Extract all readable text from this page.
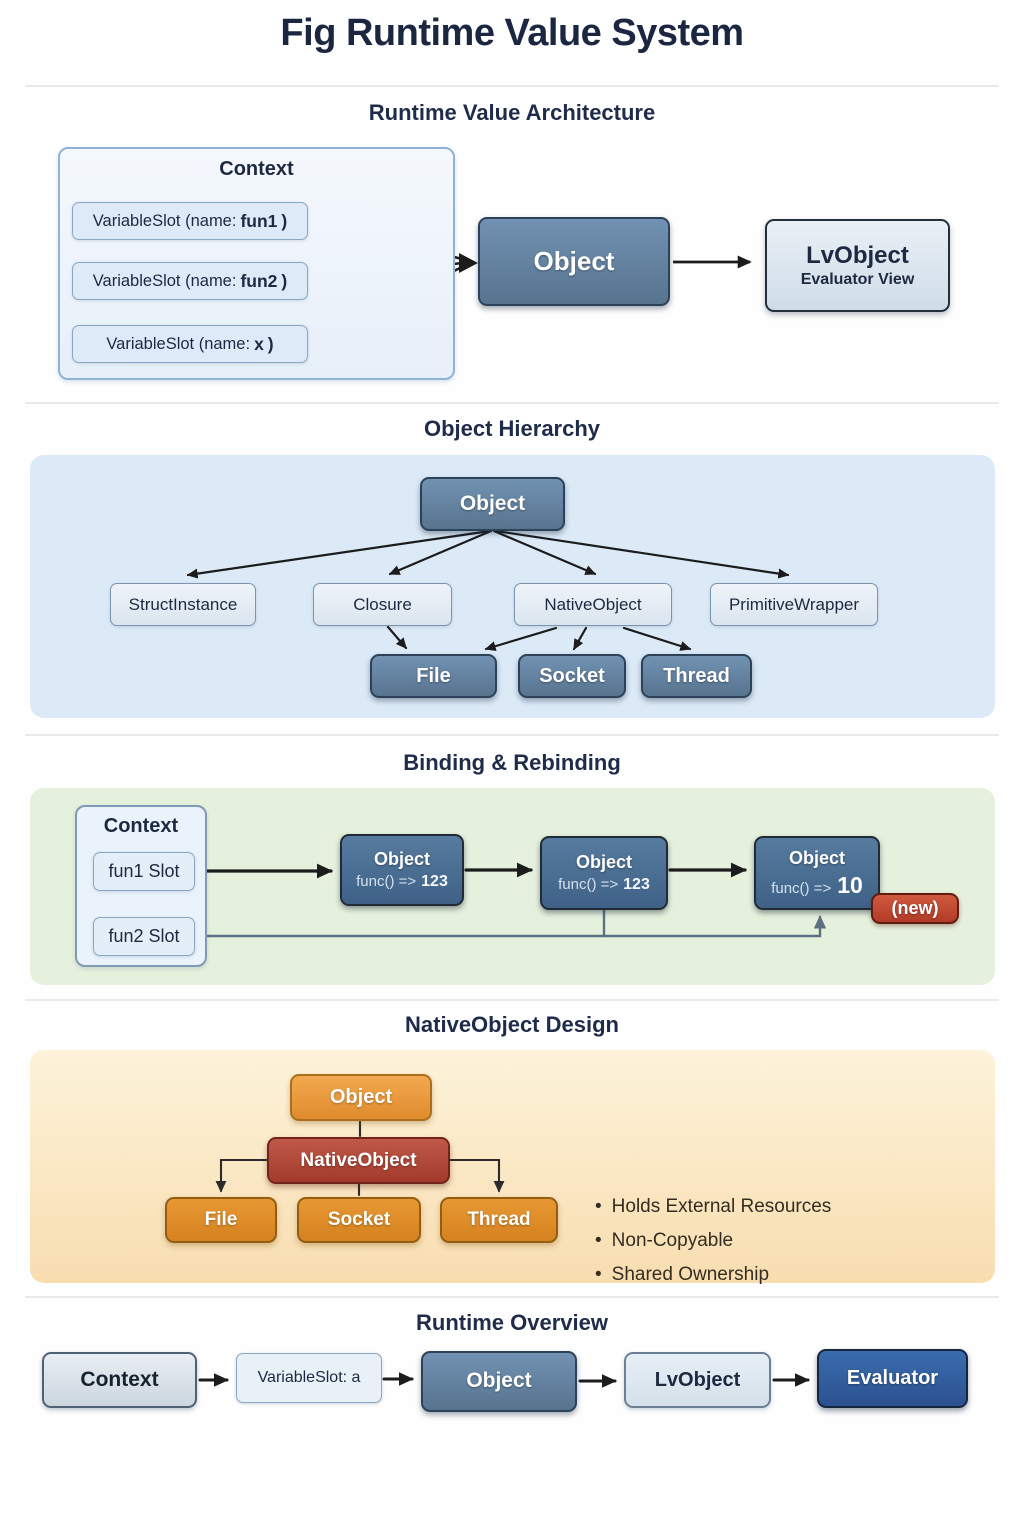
Fig Runtime Value System
Runtime Value Architecture
Context
VariableSlot (name: fun1 )
VariableSlot (name: fun2 )
VariableSlot (name: x )
Object	LvObject
Evaluator View
Object Hierarchy
Object
StructInstance	Closure	NativeObject	PrimitiveWrapper
File	Socket	Thread
Binding & Rebinding
Context
fun1 Slot
fun2 Slot
Object
func() => 123
Object
func() => 123
Object
func() => 10
(new)
NativeObject Design
Object
NativeObject
File	Socket	Thread
• Holds External Resources
• Non-Copyable
• Shared Ownership
Runtime Overview
Context	VariableSlot: a	Object	LvObject	Evaluator
